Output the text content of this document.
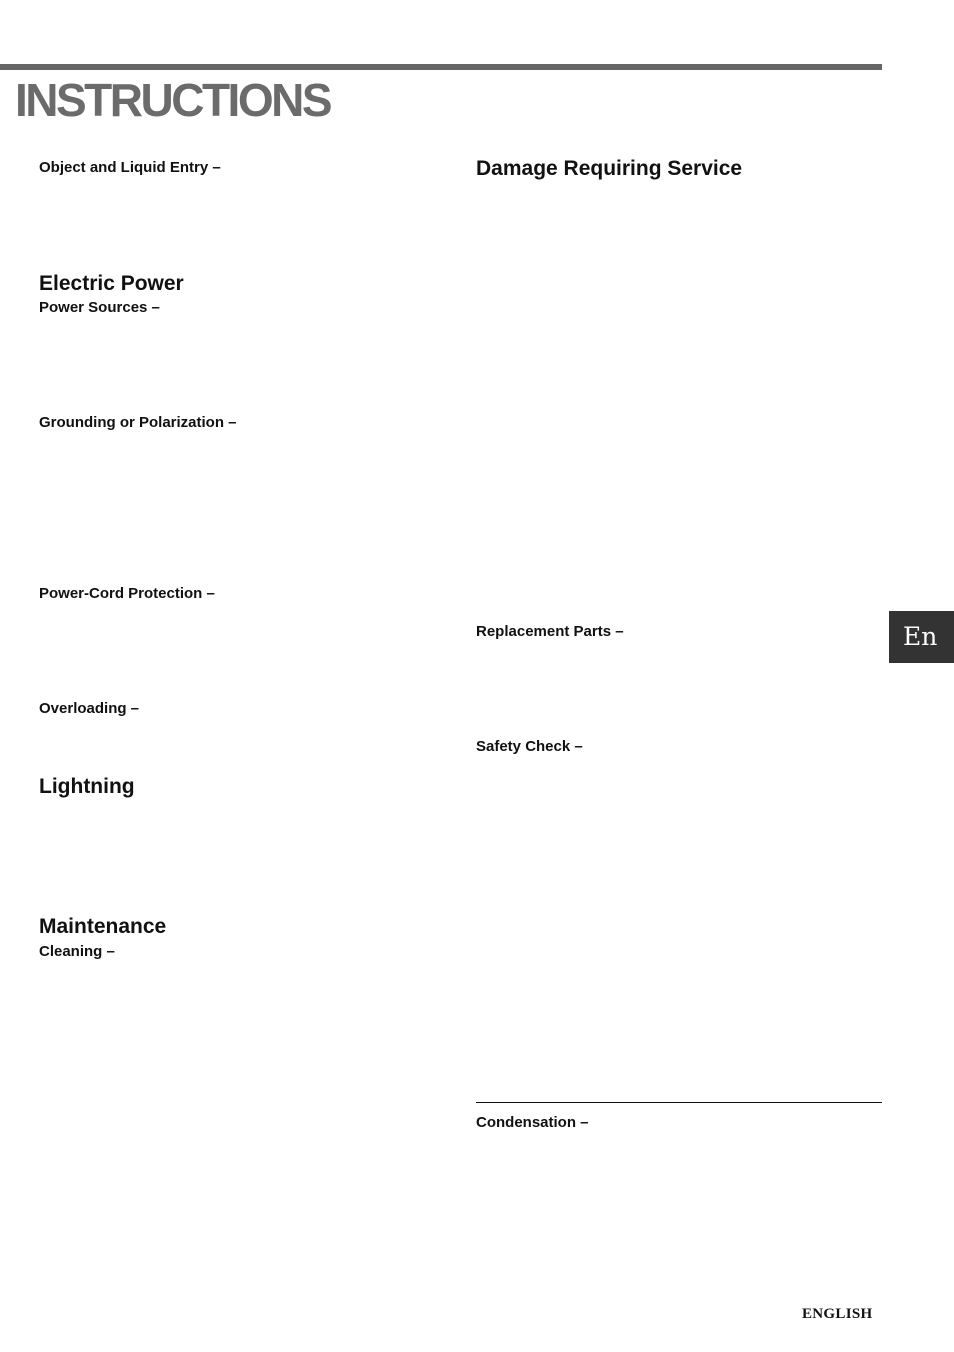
INSTRUCTIONS
Object and Liquid Entry –
Electric Power
Power Sources –
Grounding or Polarization –
Power-Cord Protection –
Overloading –
Lightning
Maintenance
Cleaning –
Damage Requiring Service
Replacement Parts –
Safety Check –
Condensation –
En
ENGLISH
